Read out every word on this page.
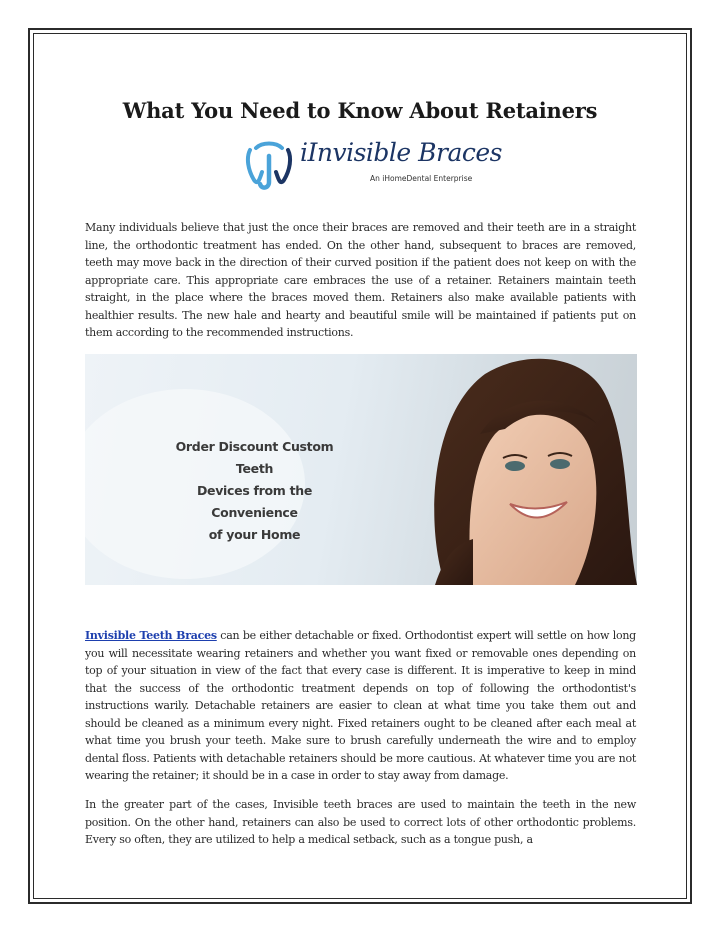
What You Need to Know About Retainers
iInvisible Braces
An iHomeDental Enterprise

Many individuals believe that just the once their braces are removed and their teeth are in a straight line, the orthodontic treatment has ended. On the other hand, subsequent to braces are removed, teeth may move back in the direction of their curved position if the patient does not keep on with the appropriate care. This appropriate care embraces the use of a retainer. Retainers maintain teeth straight, in the place where the braces moved them. Retainers also make available patients with healthier results. The new hale and hearty and beautiful smile will be maintained if patients put on them according to the recommended instructions.

Order Discount Custom Teeth
Devices from the Convenience
of your Home

Invisible Teeth Braces can be either detachable or fixed. Orthodontist expert will settle on how long you will necessitate wearing retainers and whether you want fixed or removable ones depending on top of your situation in view of the fact that every case is different. It is imperative to keep in mind that the success of the orthodontic treatment depends on top of following the orthodontist's instructions warily. Detachable retainers are easier to clean at what time you take them out and should be cleaned as a minimum every night. Fixed retainers ought to be cleaned after each meal at what time you brush your teeth. Make sure to brush carefully underneath the wire and to employ dental floss. Patients with detachable retainers should be more cautious. At whatever time you are not wearing the retainer; it should be in a case in order to stay away from damage.

In the greater part of the cases, Invisible teeth braces are used to maintain the teeth in the new position. On the other hand, retainers can also be used to correct lots of other orthodontic problems. Every so often, they are utilized to help a medical setback, such as a tongue push, a
